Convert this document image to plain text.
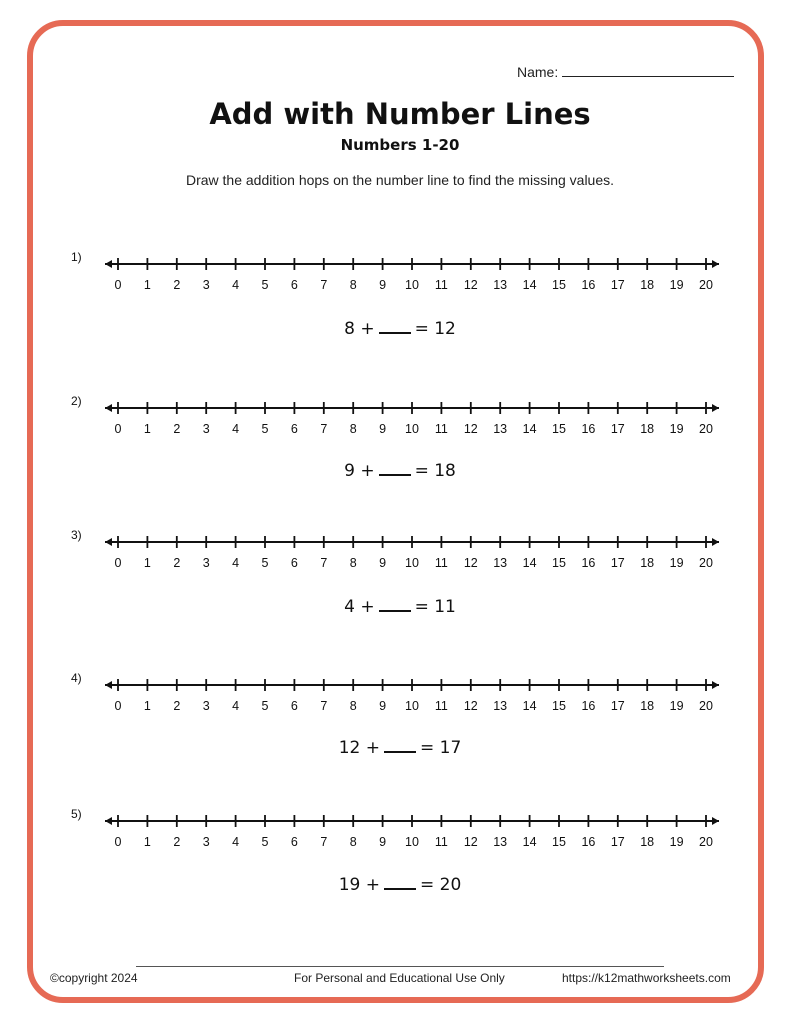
Name:
Add with Number Lines
Numbers 1-20
Draw the addition hops on the number line to find the missing values.
1)
0 1 2 3 4 5 6 7 8 9 10 11 12 13 14 15 16 17 18 19 20
8 + = 12
2)
0 1 2 3 4 5 6 7 8 9 10 11 12 13 14 15 16 17 18 19 20
9 + = 18
3)
0 1 2 3 4 5 6 7 8 9 10 11 12 13 14 15 16 17 18 19 20
4 + = 11
4)
0 1 2 3 4 5 6 7 8 9 10 11 12 13 14 15 16 17 18 19 20
12 + = 17
5)
0 1 2 3 4 5 6 7 8 9 10 11 12 13 14 15 16 17 18 19 20
19 + = 20
©copyright 2024	For Personal and Educational Use Only	https://k12mathworksheets.com
